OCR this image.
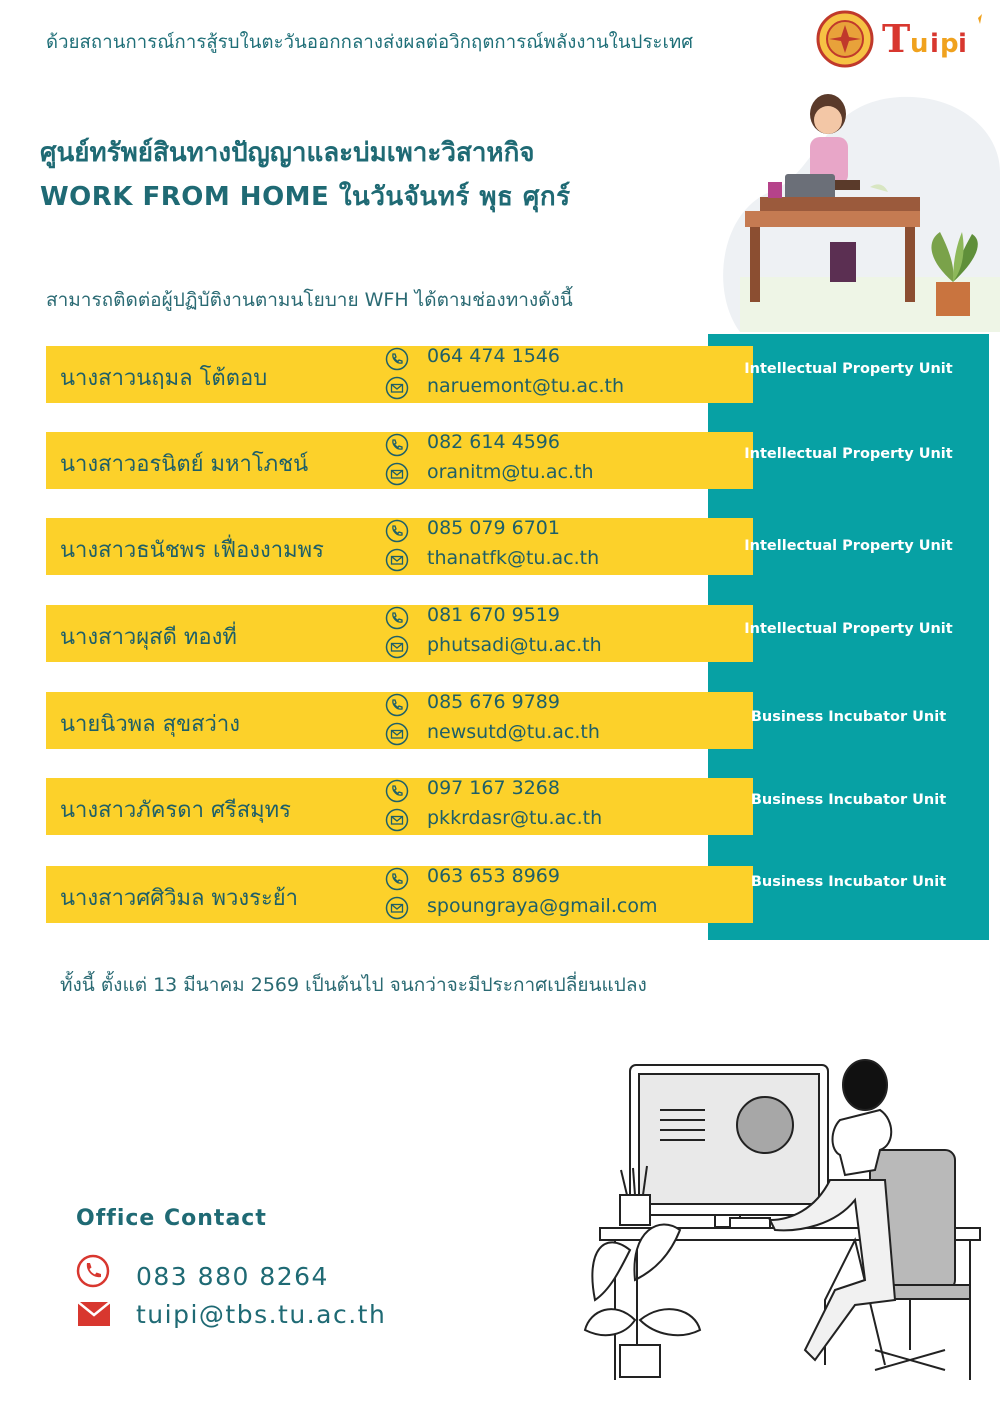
ด้วยสถานการณ์การสู้รบในตะวันออกกลางส่งผลต่อวิกฤตการณ์พลังงานในประเทศ	T u i p i
ศูนย์ทรัพย์สินทางปัญญาและบ่มเพาะวิสาหกิจ
WORK FROM HOME ในวันจันทร์ พุธ ศุกร์
สามารถติดต่อผู้ปฏิบัติงานตามนโยบาย WFH ได้ตามช่องทางดังนี้
นางสาวนฤมล โต้ตอบ
064 474 1546
naruemont@tu.ac.th
นางสาวอรนิตย์ มหาโภชน์
082 614 4596
oranitm@tu.ac.th
นางสาวธนัชพร เฟื่องงามพร
085 079 6701
thanatfk@tu.ac.th
นางสาวผุสดี ทองที่
081 670 9519
phutsadi@tu.ac.th
นายนิวพล สุขสว่าง
085 676 9789
newsutd@tu.ac.th
นางสาวภัครดา ศรีสมุทร
097 167 3268
pkkrdasr@tu.ac.th
นางสาวศศิวิมล พวงระย้า
063 653 8969
spoungraya@gmail.com
Intellectual Property Unit
Intellectual Property Unit
Intellectual Property Unit
Intellectual Property Unit
Business Incubator Unit
Business Incubator Unit
Business Incubator Unit
ทั้งนี้ ตั้งแต่ 13 มีนาคม 2569 เป็นต้นไป จนกว่าจะมีประกาศเปลี่ยนแปลง
Office Contact
083 880 8264
tuipi@tbs.tu.ac.th
